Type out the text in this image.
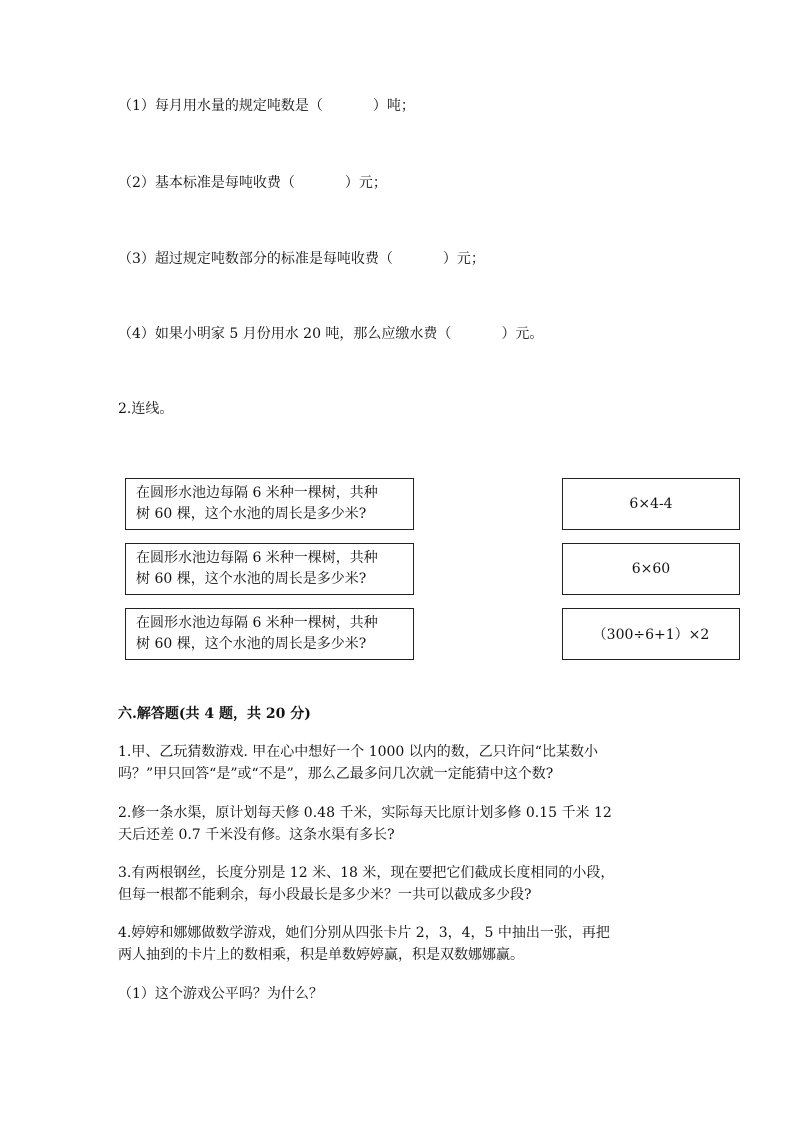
（1）每月用水量的规定吨数是（	）吨；
（2）基本标准是每吨收费（	）元；
（3）超过规定吨数部分的标准是每吨收费（	）元；
（4）如果小明家 5 月份用水 20 吨，那么应缴水费（	）元。
2.连线。
在圆形水池边每隔 6 米种一棵树，共种
树 60 棵，这个水池的周长是多少米?
在圆形水池边每隔 6 米种一棵树，共种
树 60 棵，这个水池的周长是多少米?
在圆形水池边每隔 6 米种一棵树，共种
树 60 棵，这个水池的周长是多少米?
6×4-4
6×60
（300÷6+1）×2
六.解答题(共 4 题，共 20 分)
1.甲、乙玩猜数游戏. 甲在心中想好一个 1000 以内的数，乙只许问“比某数小
吗？”甲只回答“是”或“不是”，那么乙最多问几次就一定能猜中这个数?
2.修一条水渠，原计划每天修 0.48 千米，实际每天比原计划多修 0.15 千米 12
天后还差 0.7 千米没有修。这条水渠有多长?
3.有两根钢丝，长度分别是 12 米、18 米，现在要把它们截成长度相同的小段，
但每一根都不能剩余，每小段最长是多少米？一共可以截成多少段?
4.婷婷和娜娜做数学游戏，她们分别从四张卡片 2，3，4，5 中抽出一张，再把
两人抽到的卡片上的数相乘，积是单数婷婷赢，积是双数娜娜赢。
（1）这个游戏公平吗？为什么？
